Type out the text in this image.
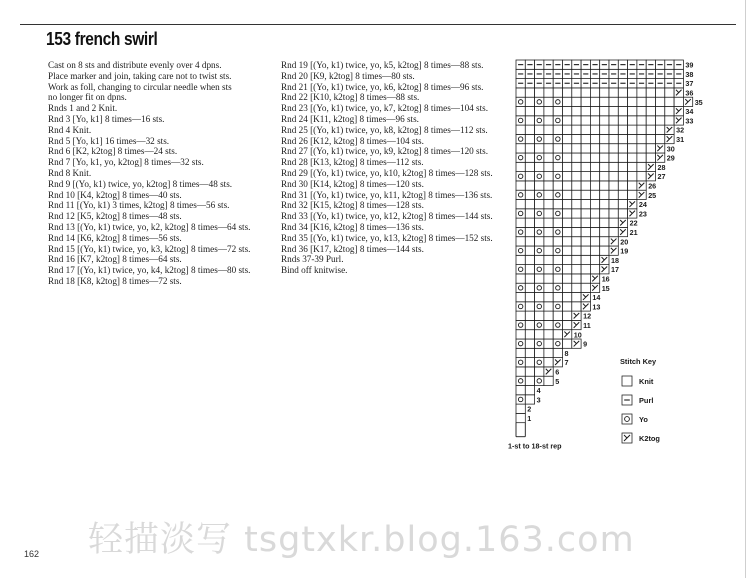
153 french swirl
Cast on 8 sts and distribute evenly over 4 dpns.
Place marker and join, taking care not to twist sts.
Work as foll, changing to circular needle when sts
no longer fit on dpns.
Rnds 1 and 2 Knit.
Rnd 3 [Yo, k1] 8 times—16 sts.
Rnd 4 Knit.
Rnd 5 [Yo, k1] 16 times—32 sts.
Rnd 6 [K2, k2tog] 8 times—24 sts.
Rnd 7 [Yo, k1, yo, k2tog] 8 times—32 sts.
Rnd 8 Knit.
Rnd 9 [(Yo, k1) twice, yo, k2tog] 8 times—48 sts.
Rnd 10 [K4, k2tog] 8 times—40 sts.
Rnd 11 [(Yo, k1) 3 times, k2tog] 8 times—56 sts.
Rnd 12 [K5, k2tog] 8 times—48 sts.
Rnd 13 [(Yo, k1) twice, yo, k2, k2tog] 8 times—64 sts.
Rnd 14 [K6, k2tog] 8 times—56 sts.
Rnd 15 [(Yo, k1) twice, yo, k3, k2tog] 8 times—72 sts.
Rnd 16 [K7, k2tog] 8 times—64 sts.
Rnd 17 [(Yo, k1) twice, yo, k4, k2tog] 8 times—80 sts.
Rnd 18 [K8, k2tog] 8 times—72 sts.
Rnd 19 [(Yo, k1) twice, yo, k5, k2tog] 8 times—88 sts.
Rnd 20 [K9, k2tog] 8 times—80 sts.
Rnd 21 [(Yo, k1) twice, yo, k6, k2tog] 8 times—96 sts.
Rnd 22 [K10, k2tog] 8 times—88 sts.
Rnd 23 [(Yo, k1) twice, yo, k7, k2tog] 8 times—104 sts.
Rnd 24 [K11, k2tog] 8 times—96 sts.
Rnd 25 [(Yo, k1) twice, yo, k8, k2tog] 8 times—112 sts.
Rnd 26 [K12, k2tog] 8 times—104 sts.
Rnd 27 [(Yo, k1) twice, yo, k9, k2tog] 8 times—120 sts.
Rnd 28 [K13, k2tog] 8 times—112 sts.
Rnd 29 [(Yo, k1) twice, yo, k10, k2tog] 8 times—128 sts.
Rnd 30 [K14, k2tog] 8 times—120 sts.
Rnd 31 [(Yo, k1) twice, yo, k11, k2tog] 8 times—136 sts.
Rnd 32 [K15, k2tog] 8 times—128 sts.
Rnd 33 [(Yo, k1) twice, yo, k12, k2tog] 8 times—144 sts.
Rnd 34 [K16, k2tog] 8 times—136 sts.
Rnd 35 [(Yo, k1) twice, yo, k13, k2tog] 8 times—152 sts.
Rnd 36 [K17, k2tog] 8 times—144 sts.
Rnds 37-39 Purl.
Bind off knitwise.
1
2
3
4
5
6
7
8
9
10
11
12
13
14
15
16
17
18
19
20
21
22
23
24
25
26
27
28
29
30
31
32
33
34
35
36
37
38
39
1-st to 18-st rep
Stitch Key
Knit
Purl
Yo
K2tog
轻描淡写 tsgtxkr.blog.163.com
162
